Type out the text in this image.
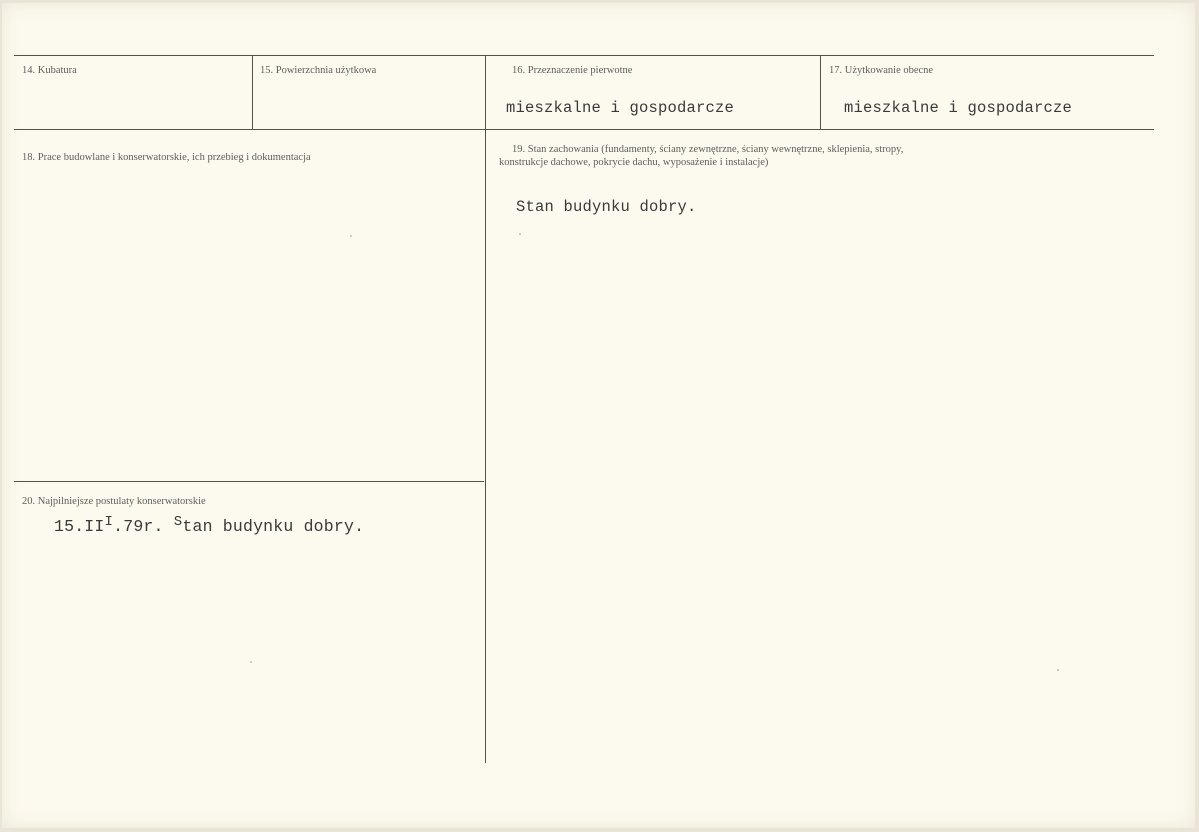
14. Kubatura	15. Powierzchnia użytkowa	16. Przeznaczenie pierwotne
mieszkalne i gospodarcze
17. Użytkowanie obecne
mieszkalne i gospodarcze
18. Prace budowlane i konserwatorskie, ich przebieg i dokumentacja
19. Stan zachowania (fundamenty, ściany zewnętrzne, ściany wewnętrzne, sklepienia, stropy,
konstrukcje dachowe, pokrycie dachu, wyposażenie i instalacje)
Stan budynku dobry.
20. Najpilniejsze postulaty konserwatorskie
$15.II^I.79r$. $^S$tan budynku dobry.
